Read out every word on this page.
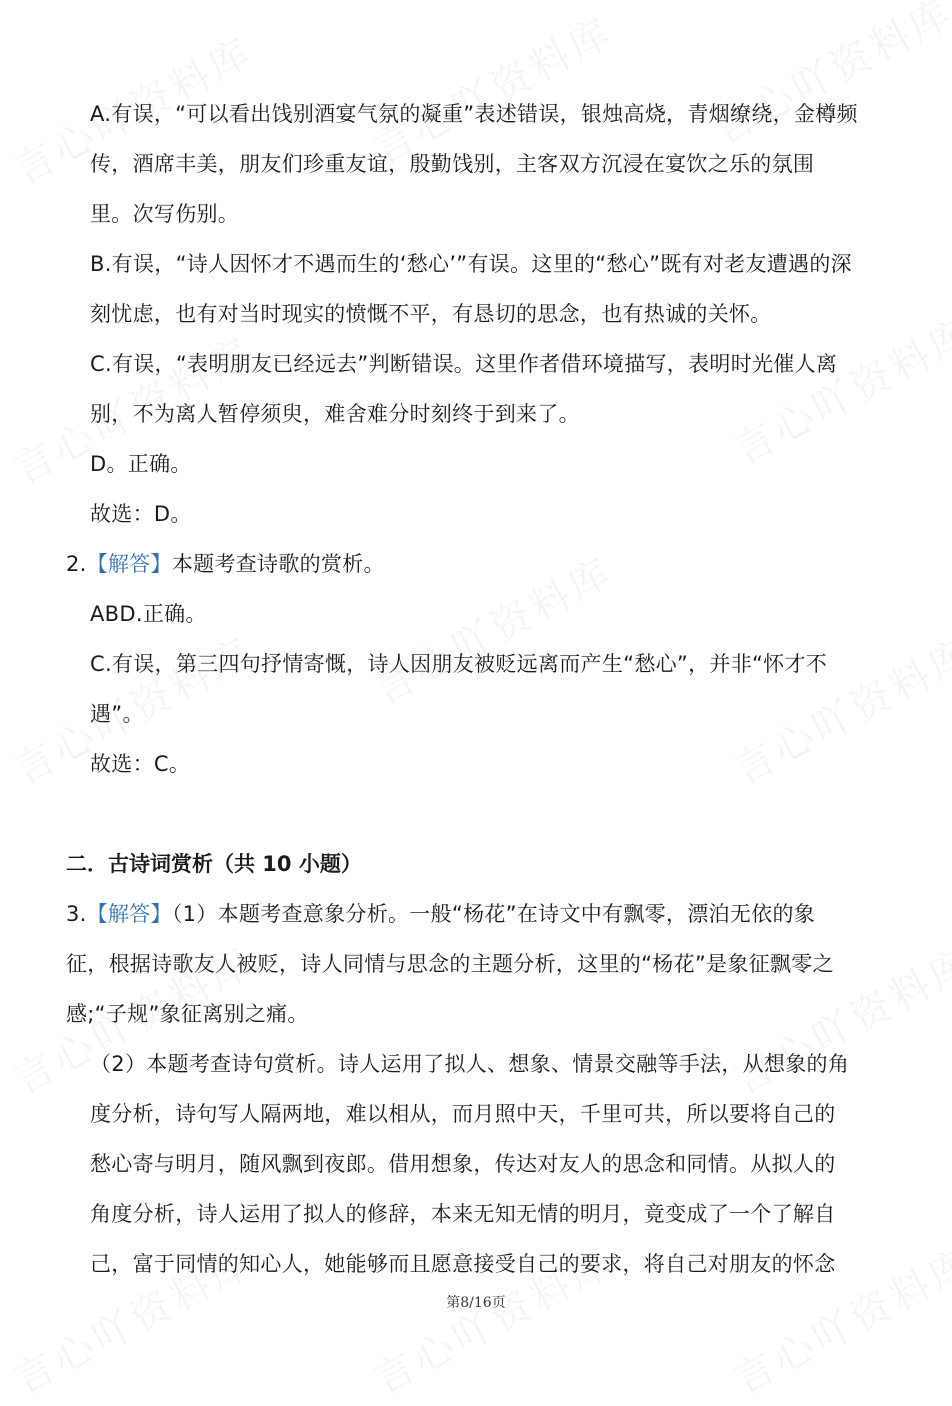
A.有误，“可以看出饯别酒宴气氛的凝重”表述错误，银烛高烧，青烟缭绕，金樽频
传，酒席丰美，朋友们珍重友谊，殷勤饯别，主客双方沉浸在宴饮之乐的氛围
里。次写伤别。
B.有误，“诗人因怀才不遇而生的‘愁心’”有误。这里的“愁心”既有对老友遭遇的深
刻忧虑，也有对当时现实的愤慨不平，有恳切的思念，也有热诚的关怀。
C.有误，“表明朋友已经远去”判断错误。这里作者借环境描写，表明时光催人离
别，不为离人暂停须臾，难舍难分时刻终于到来了。
D。正确。
故选：D。
2.【解答】本题考查诗歌的赏析。
ABD.正确。
C.有误，第三四句抒情寄慨，诗人因朋友被贬远离而产生“愁心”，并非“怀才不
遇”。
故选：C。
二．古诗词赏析（共 10 小题）
3.【解答】（1）本题考查意象分析。一般“杨花”在诗文中有飘零，漂泊无依的象
征，根据诗歌友人被贬，诗人同情与思念的主题分析，这里的“杨花”是象征飘零之
感;“子规”象征离别之痛。
（2）本题考查诗句赏析。诗人运用了拟人、想象、情景交融等手法，从想象的角
度分析，诗句写人隔两地，难以相从，而月照中天，千里可共，所以要将自己的
愁心寄与明月，随风飘到夜郎。借用想象，传达对友人的思念和同情。从拟人的
角度分析，诗人运用了拟人的修辞，本来无知无情的明月，竟变成了一个了解自
己，富于同情的知心人，她能够而且愿意接受自己的要求，将自己对朋友的怀念
第8/16页
